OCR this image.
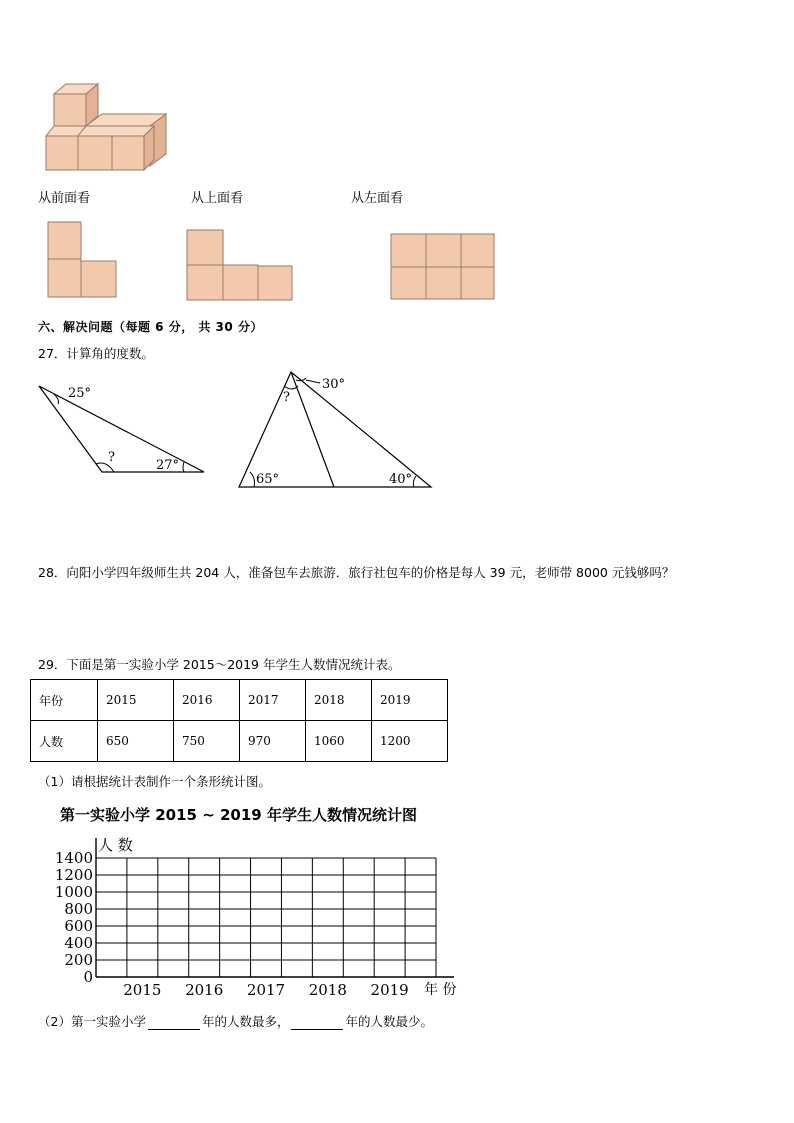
从前面看	从上面看	从左面看
六、解决问题（每题 6 分， 共 30 分）
27．计算角的度数。
25°
?
27°
30°
?
65°	40°
28．向阳小学四年级师生共 204 人，准备包车去旅游．旅行社包车的价格是每人 39 元，老师带 8000 元钱够吗？
29．下面是第一实验小学 2015～2019 年学生人数情况统计表。
年份	2015	2016	2017	2018	2019
人数	650	750	970	1060	1200
（1）请根据统计表制作一个条形统计图。
第一实验小学 2015 ~ 2019 年学生人数情况统计图
0
200
400
600
800
1000
1200
1400
2015 2016 2017 2018 2019
人 数
年 份
（2）第一实验小学	年的人数最多，	年的人数最少。
